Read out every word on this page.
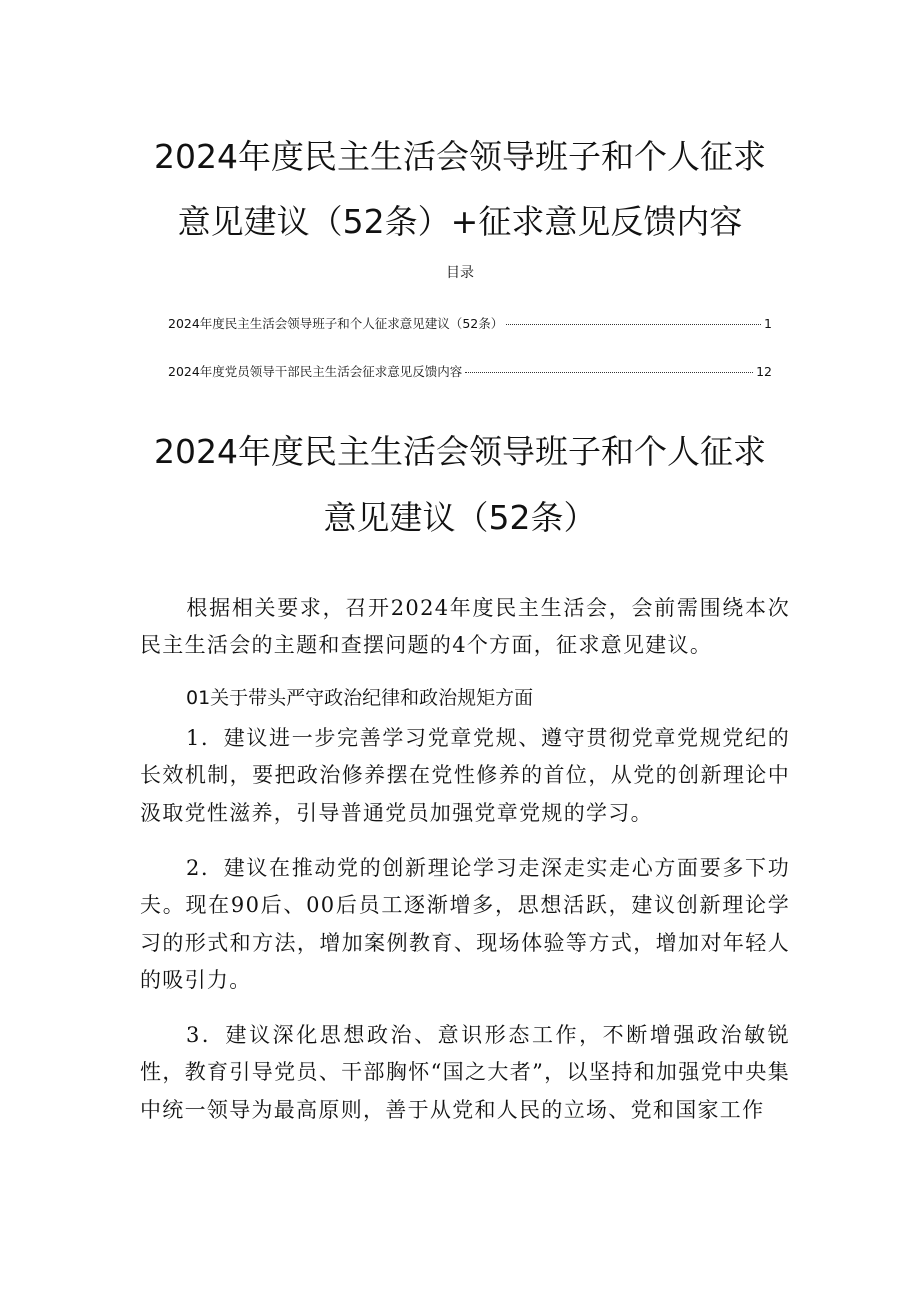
2024年度民主生活会领导班子和个人征求
意见建议（52条）+征求意见反馈内容
目录
2024年度民主生活会领导班子和个人征求意见建议（52条）	1
2024年度党员领导干部民主生活会征求意见反馈内容	12
2024年度民主生活会领导班子和个人征求
意见建议（52条）

根据相关要求，召开2024年度民主生活会，会前需围绕本次民主生活会的主题和查摆问题的4个方面，征求意见建议。

01关于带头严守政治纪律和政治规矩方面

1．建议进一步完善学习党章党规、遵守贯彻党章党规党纪的长效机制，要把政治修养摆在党性修养的首位，从党的创新理论中汲取党性滋养，引导普通党员加强党章党规的学习。

2．建议在推动党的创新理论学习走深走实走心方面要多下功夫。现在90后、00后员工逐渐增多，思想活跃，建议创新理论学习的形式和方法，增加案例教育、现场体验等方式，增加对年轻人的吸引力。

3．建议深化思想政治、意识形态工作，不断增强政治敏锐性，教育引导党员、干部胸怀“国之大者”，以坚持和加强党中央集中统一领导为最高原则，善于从党和人民的立场、党和国家工作
